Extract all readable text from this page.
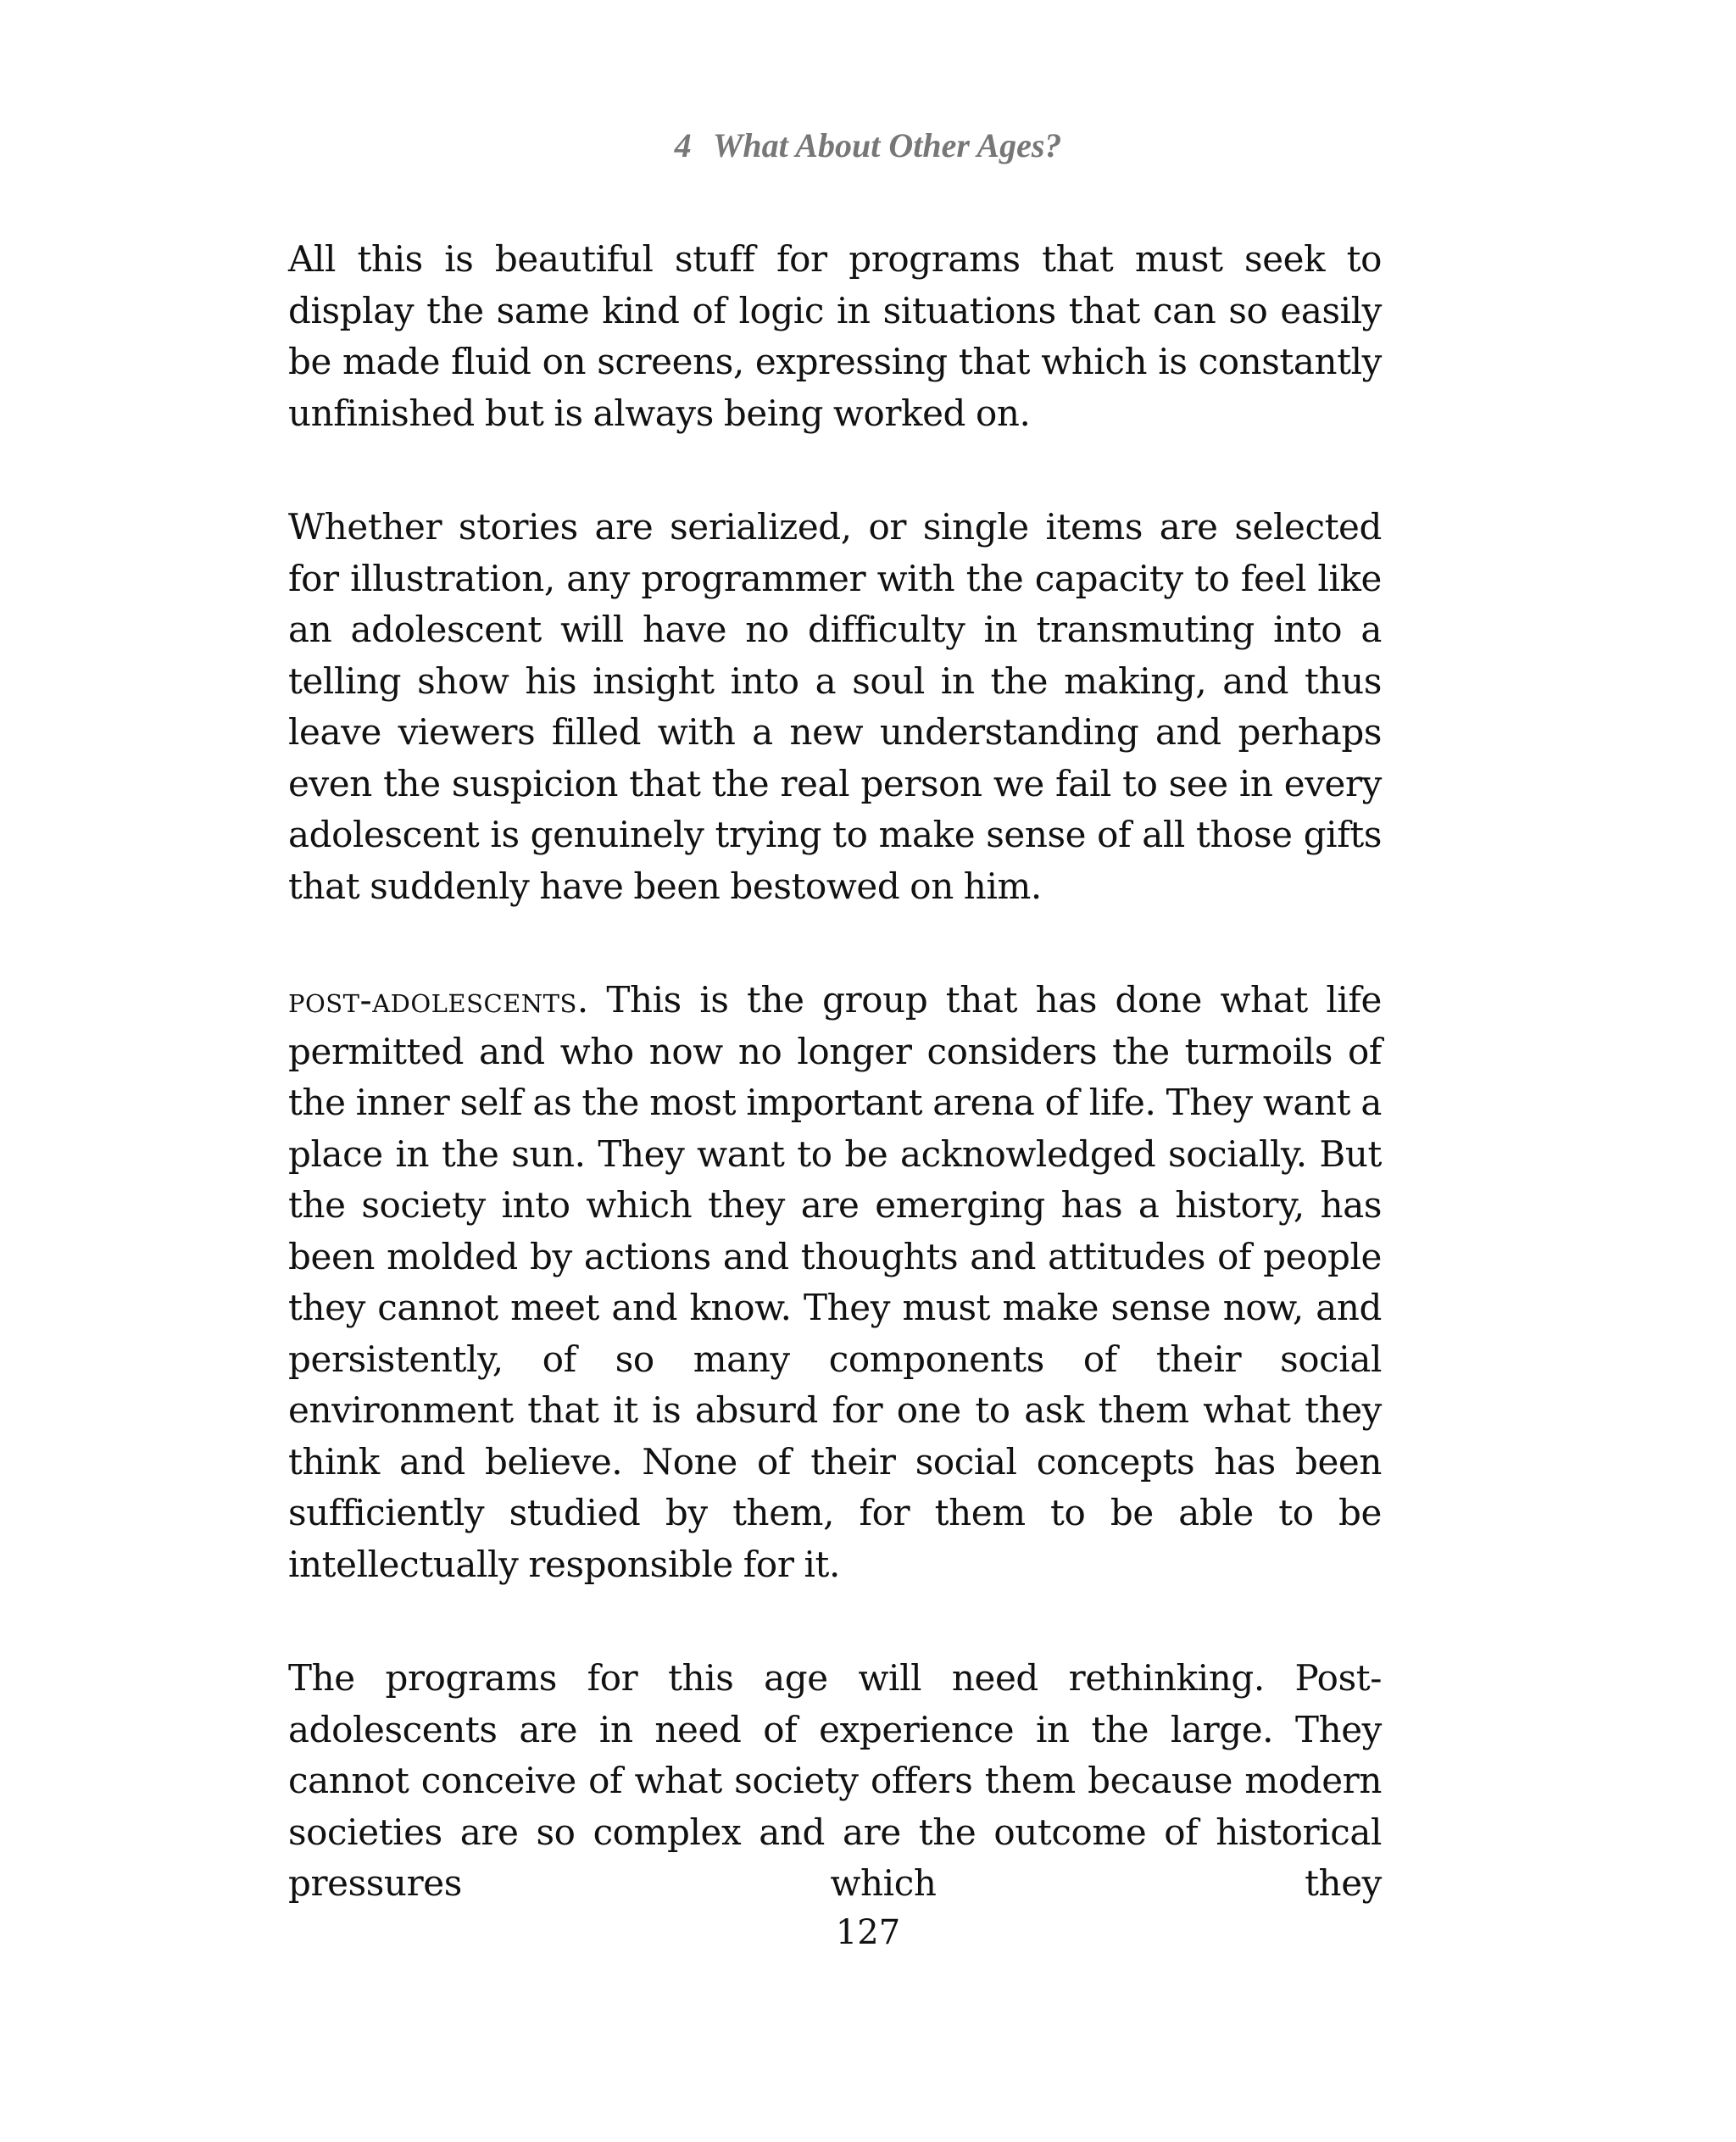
4 What About Other Ages?

All this is beautiful stuff for programs that must seek to display the same kind of logic in situations that can so easily be made fluid on screens, expressing that which is constantly unfinished but is always being worked on.

Whether stories are serialized, or single items are selected for illustration, any programmer with the capacity to feel like an adolescent will have no difficulty in transmuting into a telling show his insight into a soul in the making, and thus leave viewers filled with a new understanding and perhaps even the suspicion that the real person we fail to see in every adolescent is genuinely trying to make sense of all those gifts that suddenly have been bestowed on him.

post-adolescents. This is the group that has done what life permitted and who now no longer considers the turmoils of the inner self as the most important arena of life. They want a place in the sun. They want to be acknowledged socially. But the society into which they are emerging has a history, has been molded by actions and thoughts and attitudes of people they cannot meet and know. They must make sense now, and persistently, of so many components of their social environment that it is absurd for one to ask them what they think and believe. None of their social concepts has been sufficiently studied by them, for them to be able to be intellectually responsible for it.

The programs for this age will need rethinking. Post-adolescents are in need of experience in the large. They cannot conceive of what society offers them because modern societies are so complex and are the outcome of historical pressures which they

127
